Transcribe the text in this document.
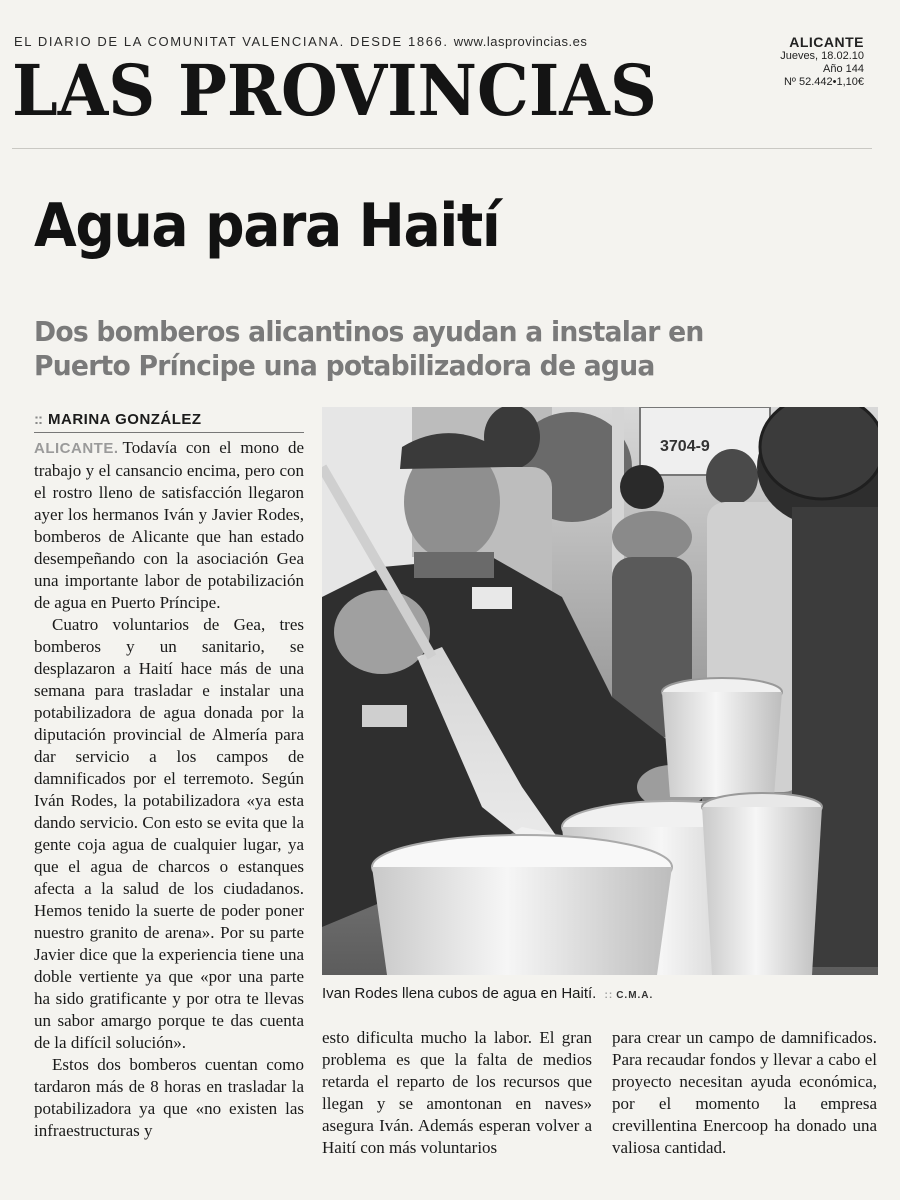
EL DIARIO DE LA COMUNITAT VALENCIANA. DESDE 1866. www.lasprovincias.es
LAS PROVINCIAS
ALICANTE
Jueves, 18.02.10
Año 144
Nº 52.442•1,10€
Agua para Haití
Dos bomberos alicantinos ayudan a instalar en Puerto Príncipe una potabilizadora de agua
:: MARINA GONZÁLEZ

ALICANTE. Todavía con el mono de trabajo y el cansancio encima, pero con el rostro lleno de satisfacción llegaron ayer los hermanos Iván y Javier Rodes, bomberos de Alicante que han estado desempeñando con la asociación Gea una importante labor de potabilización de agua en Puerto Príncipe.

Cuatro voluntarios de Gea, tres bomberos y un sanitario, se desplazaron a Haití hace más de una semana para trasladar e instalar una potabilizadora de agua donada por la diputación provincial de Almería para dar servicio a los campos de damnificados por el terremoto. Según Iván Rodes, la potabilizadora «ya esta dando servicio. Con esto se evita que la gente coja agua de cualquier lugar, ya que el agua de charcos o estanques afecta a la salud de los ciudadanos. Hemos tenido la suerte de poder poner nuestro granito de arena». Por su parte Javier dice que la experiencia tiene una doble vertiente ya que «por una parte ha sido gratificante y por otra te llevas un sabor amargo porque te das cuenta de la difícil solución».

Estos dos bomberos cuentan como tardaron más de 8 horas en trasladar la potabilizadora ya que «no existen las infraestructuras y

3704-9
Ivan Rodes llena cubos de agua en Haití. :: C.M.A.

esto dificulta mucho la labor. El gran problema es que la falta de medios retarda el reparto de los recursos que llegan y se amontonan en naves» asegura Iván. Además esperan volver a Haití con más voluntarios

para crear un campo de damnificados. Para recaudar fondos y llevar a cabo el proyecto necesitan ayuda económica, por el momento la empresa crevillentina Enercoop ha donado una valiosa cantidad.
